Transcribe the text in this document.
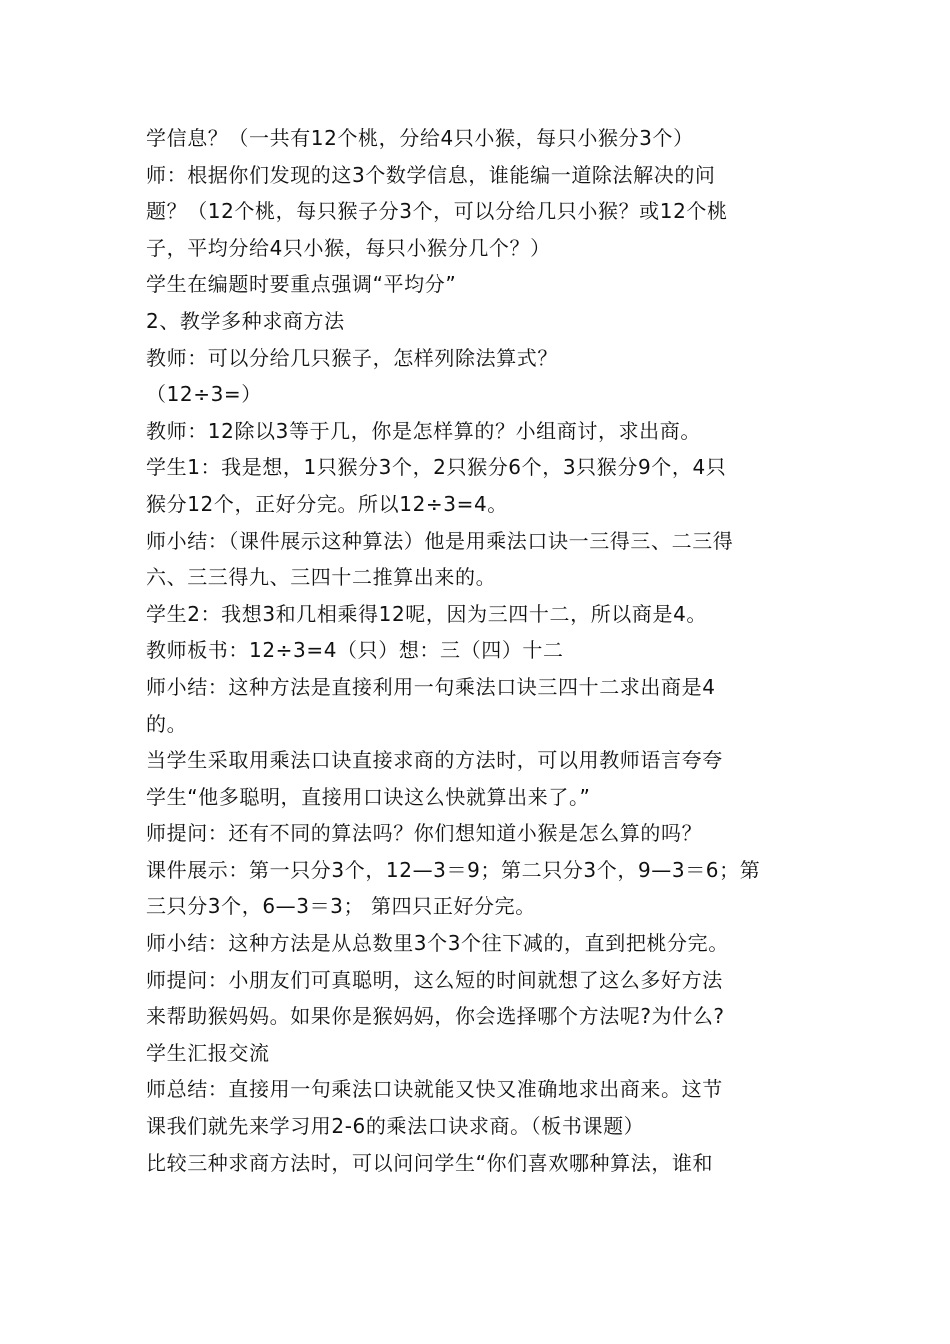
学信息？（一共有12个桃，分给4只小猴，每只小猴分3个）
师：根据你们发现的这3个数学信息，谁能编一道除法解决的问
题？（12个桃，每只猴子分3个，可以分给几只小猴？或12个桃
子，平均分给4只小猴，每只小猴分几个？）
学生在编题时要重点强调“平均分”
2、教学多种求商方法
教师：可以分给几只猴子，怎样列除法算式？
（12÷3=）
教师：12除以3等于几，你是怎样算的？小组商讨，求出商。
学生1：我是想，1只猴分3个，2只猴分6个，3只猴分9个，4只
猴分12个，正好分完。所以12÷3=4。
师小结：（课件展示这种算法）他是用乘法口诀一三得三、二三得
六、三三得九、三四十二推算出来的。
学生2：我想3和几相乘得12呢，因为三四十二，所以商是4。
教师板书：12÷3=4（只）想：三（四）十二
师小结：这种方法是直接利用一句乘法口诀三四十二求出商是4
的。
当学生采取用乘法口诀直接求商的方法时，可以用教师语言夸夸
学生“他多聪明，直接用口诀这么快就算出来了。”
师提问：还有不同的算法吗？你们想知道小猴是怎么算的吗？
课件展示：第一只分3个，12—3＝9；第二只分3个，9—3＝6；第
三只分3个，6—3＝3； 第四只正好分完。
师小结：这种方法是从总数里3个3个往下减的，直到把桃分完。
师提问：小朋友们可真聪明，这么短的时间就想了这么多好方法
来帮助猴妈妈。如果你是猴妈妈，你会选择哪个方法呢?为什么?
学生汇报交流
师总结：直接用一句乘法口诀就能又快又准确地求出商来。这节
课我们就先来学习用2-6的乘法口诀求商。（板书课题）
比较三种求商方法时，可以问问学生“你们喜欢哪种算法，谁和
